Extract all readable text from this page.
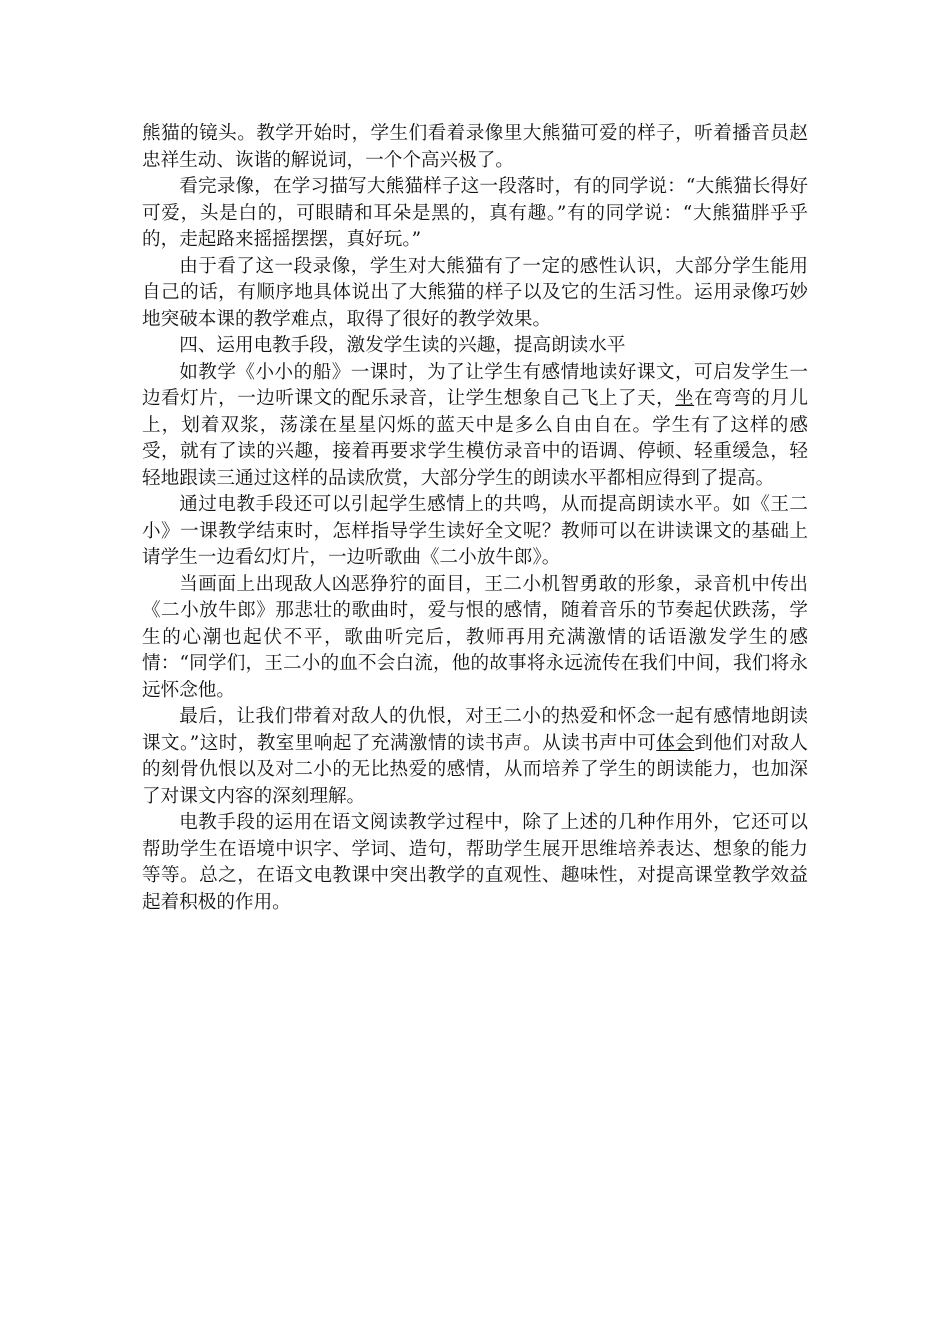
熊猫的镜头。教学开始时，学生们看着录像里大熊猫可爱的样子，听着播音员赵忠祥生动、诙谐的解说词，一个个高兴极了。

看完录像，在学习描写大熊猫样子这一段落时，有的同学说：“大熊猫长得好可爱，头是白的，可眼睛和耳朵是黑的，真有趣。”有的同学说：“大熊猫胖乎乎的，走起路来摇摇摆摆，真好玩。”

由于看了这一段录像，学生对大熊猫有了一定的感性认识，大部分学生能用自己的话，有顺序地具体说出了大熊猫的样子以及它的生活习性。运用录像巧妙地突破本课的教学难点，取得了很好的教学效果。

四、运用电教手段，激发学生读的兴趣，提高朗读水平

如教学《小小的船》一课时，为了让学生有感情地读好课文，可启发学生一边看灯片，一边听课文的配乐录音，让学生想象自己飞上了天，坐在弯弯的月儿上，划着双浆，荡漾在星星闪烁的蓝天中是多么自由自在。学生有了这样的感受，就有了读的兴趣，接着再要求学生模仿录音中的语调、停顿、轻重缓急，轻轻地跟读三通过这样的品读欣赏，大部分学生的朗读水平都相应得到了提高。

通过电教手段还可以引起学生感情上的共鸣，从而提高朗读水平。如《王二小》一课教学结束时，怎样指导学生读好全文呢？教师可以在讲读课文的基础上请学生一边看幻灯片，一边听歌曲《二小放牛郎》。

当画面上出现敌人凶恶狰狞的面目，王二小机智勇敢的形象，录音机中传出《二小放牛郎》那悲壮的歌曲时，爱与恨的感情，随着音乐的节奏起伏跌荡，学生的心潮也起伏不平，歌曲听完后，教师再用充满激情的话语激发学生的感情：“同学们，王二小的血不会白流，他的故事将永远流传在我们中间，我们将永远怀念他。

最后，让我们带着对敌人的仇恨，对王二小的热爱和怀念一起有感情地朗读课文。”这时，教室里响起了充满激情的读书声。从读书声中可体会到他们对敌人的刻骨仇恨以及对二小的无比热爱的感情，从而培养了学生的朗读能力，也加深了对课文内容的深刻理解。

电教手段的运用在语文阅读教学过程中，除了上述的几种作用外，它还可以帮助学生在语境中识字、学词、造句，帮助学生展开思维培养表达、想象的能力等等。总之，在语文电教课中突出教学的直观性、趣味性，对提高课堂教学效益起着积极的作用。
